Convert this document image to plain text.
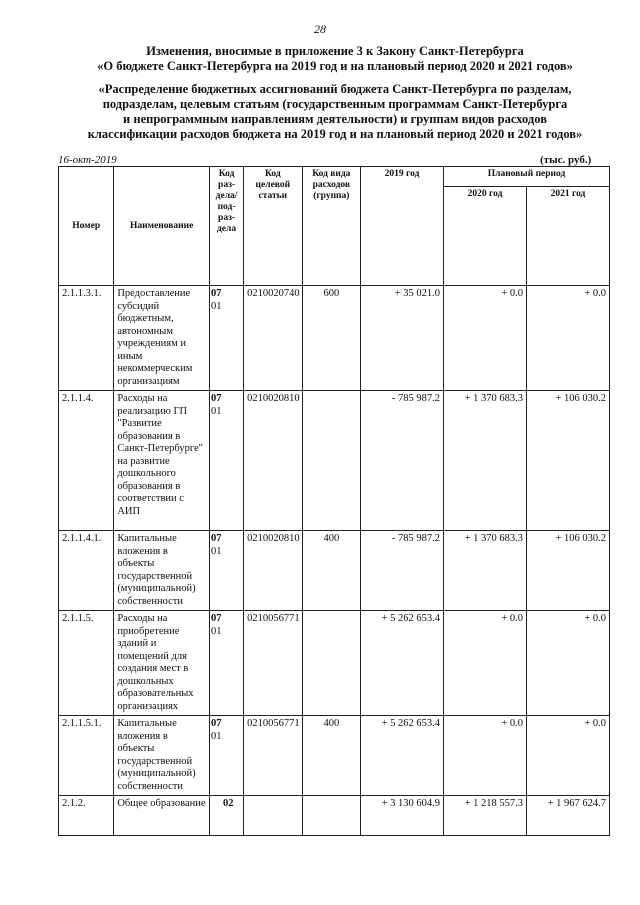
28
Изменения, вносимые в приложение 3 к Закону Санкт-Петербурга
«О бюджете Санкт-Петербурга на 2019 год и на плановый период 2020 и 2021 годов»
«Распределение бюджетных ассигнований бюджета Санкт-Петербурга по разделам,
подразделам, целевым статьям (государственным программам Санкт-Петербурга
и непрограммным направлениям деятельности) и группам видов расходов
классификации расходов бюджета на 2019 год и на плановый период 2020 и 2021 годов»
16-окт-2019	(тыс. руб.)
Номер	Наименование	Код раз-дела/ под-раз-дела	Код целевой статьи	Код вида расходов (группа)	2019 год	Плановый период	
						2020 год	2021 год
2.1.1.3.1.	Предоставление субсидий бюджетным, автономным учреждениям и иным некоммерческим организациям	0701	0210020740	600	+ 35 021.0	+ 0.0	+ 0.0
2.1.1.4.	Расходы на реализацию ГП "Развитие образования в Санкт-Петербурге" на развитие дошкольного образования в соответствии с АИП	0701	0210020810		- 785 987.2	+ 1 370 683.3	+ 106 030.2
2.1.1.4.1.	Капитальные вложения в объекты государственной (муниципальной) собственности	0701	0210020810	400	- 785 987.2	+ 1 370 683.3	+ 106 030.2
2.1.1.5.	Расходы на приобретение зданий и помещений для создания мест в дошкольных образовательных организациях	0701	0210056771		+ 5 262 653.4	+ 0.0	+ 0.0
2.1.1.5.1.	Капитальные вложения в объекты государственной (муниципальной) собственности	0701	0210056771	400	+ 5 262 653.4	+ 0.0	+ 0.0
2.1.2.	Общее образование	02			+ 3 130 604.9	+ 1 218 557.3	+ 1 967 624.7
